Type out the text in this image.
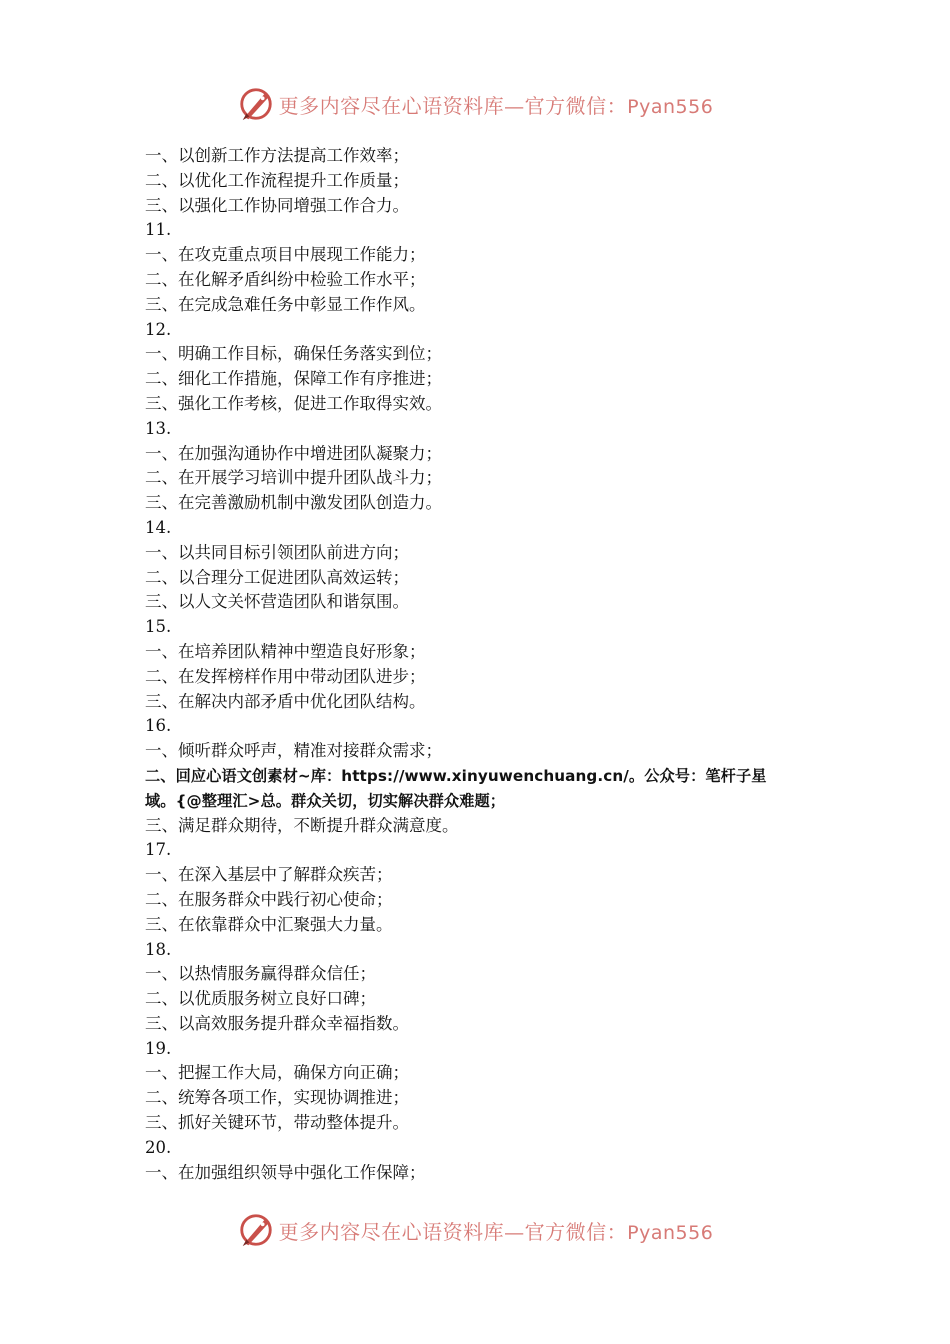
更多内容尽在心语资料库—官方微信：Pyan556
一、以创新工作方法提高工作效率；
二、以优化工作流程提升工作质量；
三、以强化工作协同增强工作合力。
11.
一、在攻克重点项目中展现工作能力；
二、在化解矛盾纠纷中检验工作水平；
三、在完成急难任务中彰显工作作风。
12.
一、明确工作目标，确保任务落实到位；
二、细化工作措施，保障工作有序推进；
三、强化工作考核，促进工作取得实效。
13.
一、在加强沟通协作中增进团队凝聚力；
二、在开展学习培训中提升团队战斗力；
三、在完善激励机制中激发团队创造力。
14.
一、以共同目标引领团队前进方向；
二、以合理分工促进团队高效运转；
三、以人文关怀营造团队和谐氛围。
15.
一、在培养团队精神中塑造良好形象；
二、在发挥榜样作用中带动团队进步；
三、在解决内部矛盾中优化团队结构。
16.
一、倾听群众呼声，精准对接群众需求；
二、回应心语文创素材~库：https://www.xinyuwenchuang.cn/。公众号：笔杆子星
域。{@整理汇>总。群众关切，切实解决群众难题；
三、满足群众期待，不断提升群众满意度。
17.
一、在深入基层中了解群众疾苦；
二、在服务群众中践行初心使命；
三、在依靠群众中汇聚强大力量。
18.
一、以热情服务赢得群众信任；
二、以优质服务树立良好口碑；
三、以高效服务提升群众幸福指数。
19.
一、把握工作大局，确保方向正确；
二、统筹各项工作，实现协调推进；
三、抓好关键环节，带动整体提升。
20.
一、在加强组织领导中强化工作保障；
更多内容尽在心语资料库—官方微信：Pyan556
